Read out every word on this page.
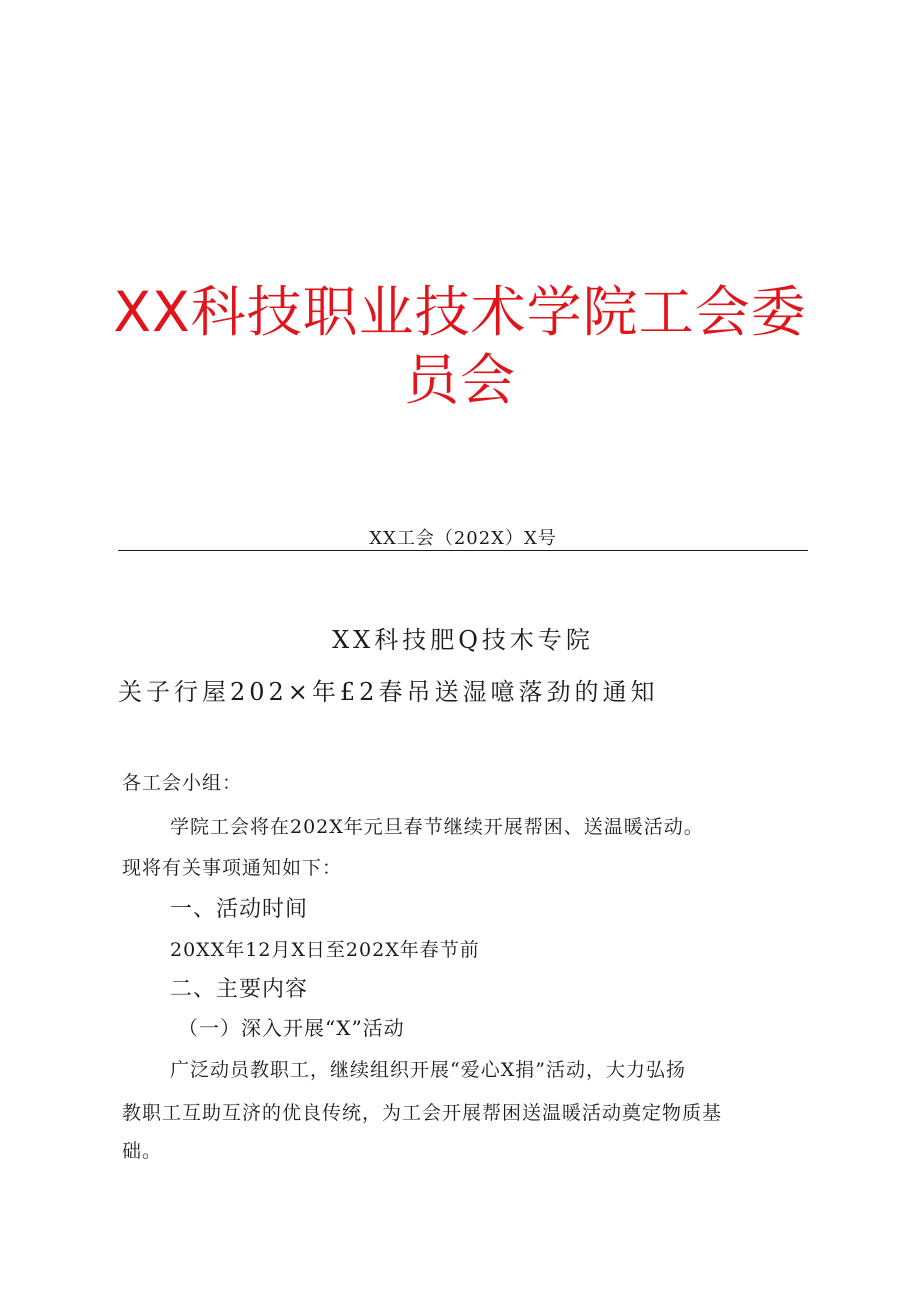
XX科技职业技术学院工会委
员会
XX工会（202X）X号
XX科技肥Q技木专院
关子行屋202×年£2春吊送湿噫落劲的通知
各工会小组：
学院工会将在202X年元旦春节继续开展帮困、送温暖活动。
现将有关事项通知如下：
一、活动时间
20XX年12月X日至202X年春节前
二、主要内容
（一）深入开展“X”活动
广泛动员教职工，继续组织开展“爱心X捐”活动，大力弘扬
教职工互助互济的优良传统，为工会开展帮困送温暖活动奠定物质基
础。
